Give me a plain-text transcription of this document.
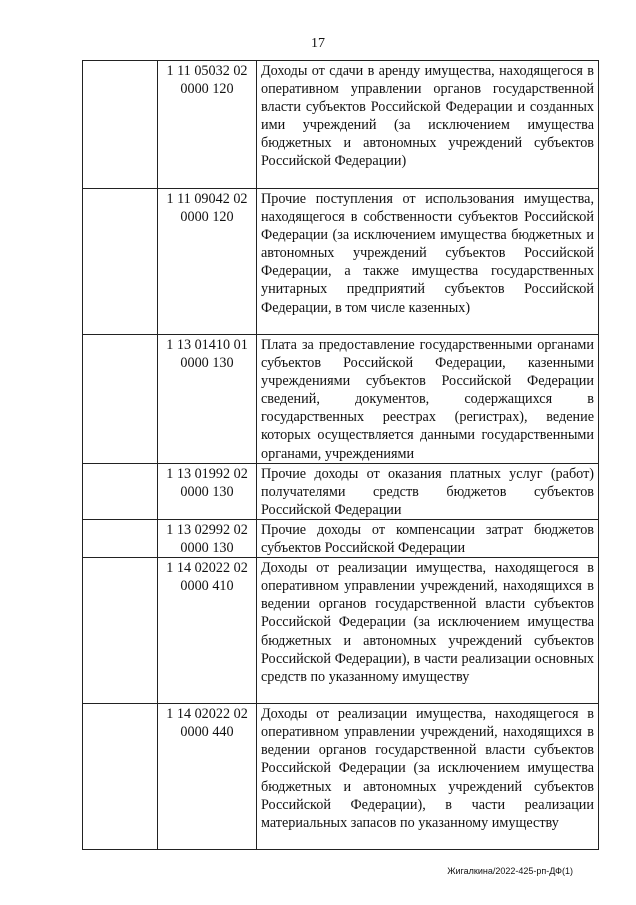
17
	1 11 05032 02
0000 120	Доходы от сдачи в аренду имущества, находящегося в оперативном управлении органов государственной власти субъектов Российской Федерации и созданных ими учреждений (за исключением имущества бюджетных и автономных учреждений субъектов Российской Федерации)
	1 11 09042 02
0000 120	Прочие поступления от использования имущества, находящегося в собственности субъектов Российской Федерации (за исключением имущества бюджетных и автономных учреждений субъектов Российской Федерации, а также имущества государственных унитарных предприятий субъектов Российской Федерации, в том числе казенных)
	1 13 01410 01
0000 130	Плата за предоставление государственными органами субъектов Российской Федерации, казенными учреждениями субъектов Российской Федерации сведений, документов, содержащихся в государственных реестрах (регистрах), ведение которых осуществляется данными государственными органами, учреждениями
	1 13 01992 02
0000 130	Прочие доходы от оказания платных услуг (работ) получателями средств бюджетов субъектов Российской Федерации
	1 13 02992 02
0000 130	Прочие доходы от компенсации затрат бюджетов субъектов Российской Федерации
	1 14 02022 02
0000 410	Доходы от реализации имущества, находящегося в оперативном управлении учреждений, находящихся в ведении органов государственной власти субъектов Российской Федерации (за исключением имущества бюджетных и автономных учреждений субъектов Российской Федерации), в части реализации основных средств по указанному имуществу
	1 14 02022 02
0000 440	Доходы от реализации имущества, находящегося в оперативном управлении учреждений, находящихся в ведении органов государственной власти субъектов Российской Федерации (за исключением имущества бюджетных и автономных учреждений субъектов Российской Федерации), в части реализации материальных запасов по указанному имуществу
Жигалкина/2022-425-рп-ДФ(1)
